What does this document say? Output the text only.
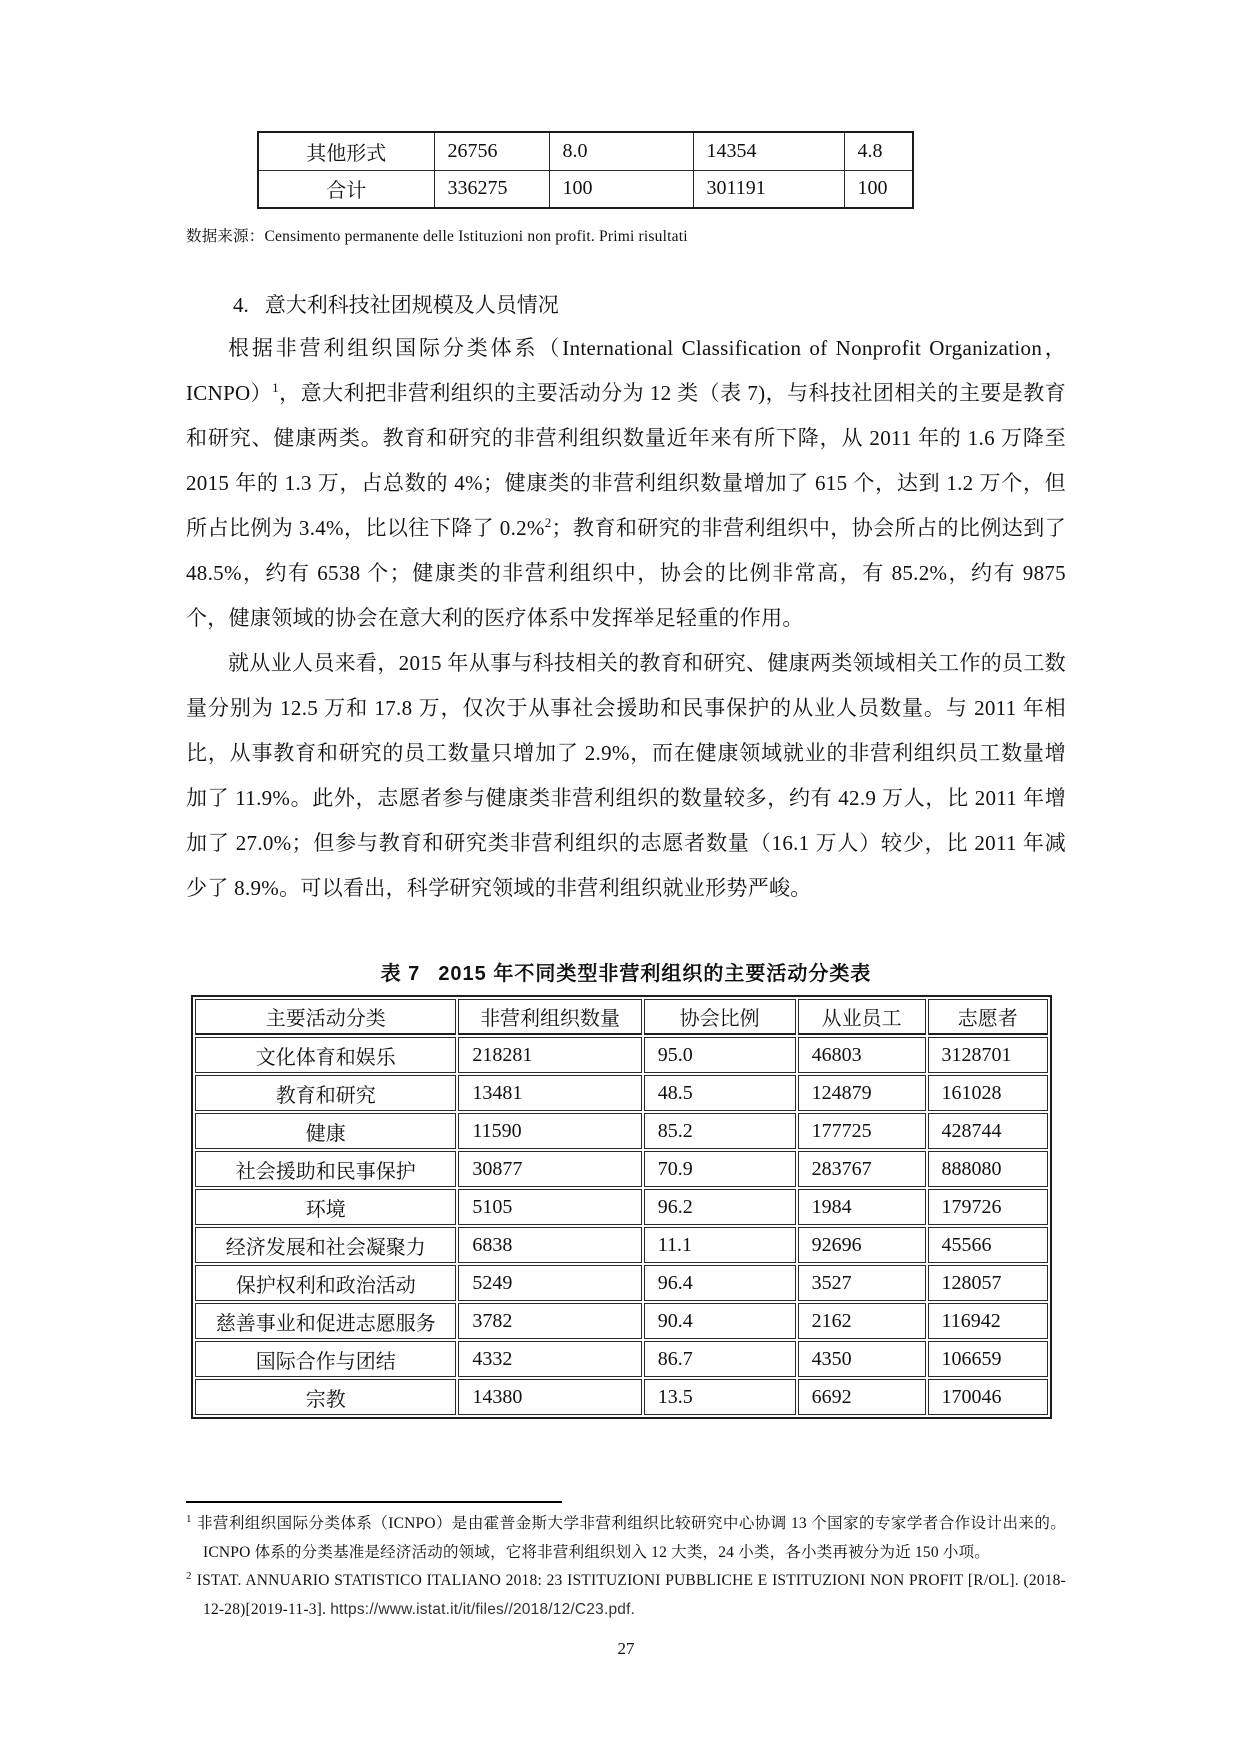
其他形式	26756	8.0	14354	4.8
合计	336275	100	301191	100
数据来源：Censimento permanente delle Istituzioni non profit. Primi risultati
4. 意大利科技社团规模及人员情况

根据非营利组织国际分类体系（International Classification of Nonprofit Organization，ICNPO）$^1$，意大利把非营利组织的主要活动分为 12 类（表 7)，与科技社团相关的主要是教育和研究、健康两类。教育和研究的非营利组织数量近年来有所下降，从 2011 年的 1.6 万降至 2015 年的 1.3 万，占总数的 4%；健康类的非营利组织数量增加了 615 个，达到 1.2 万个，但所占比例为 3.4%，比以往下降了 0.2%$^2$；教育和研究的非营利组织中，协会所占的比例达到了 48.5%，约有 6538 个；健康类的非营利组织中，协会的比例非常高，有 85.2%，约有 9875 个，健康领域的协会在意大利的医疗体系中发挥举足轻重的作用。

就从业人员来看，2015 年从事与科技相关的教育和研究、健康两类领域相关工作的员工数量分别为 12.5 万和 17.8 万，仅次于从事社会援助和民事保护的从业人员数量。与 2011 年相比，从事教育和研究的员工数量只增加了 2.9%，而在健康领域就业的非营利组织员工数量增加了 11.9%。此外，志愿者参与健康类非营利组织的数量较多，约有 42.9 万人，比 2011 年增加了 27.0%；但参与教育和研究类非营利组织的志愿者数量（16.1 万人）较少，比 2011 年减少了 8.9%。可以看出，科学研究领域的非营利组织就业形势严峻。

表 7 2015 年不同类型非营利组织的主要活动分类表
主要活动分类	非营利组织数量	协会比例	从业员工	志愿者
文化体育和娱乐	218281	95.0	46803	3128701
教育和研究	13481	48.5	124879	161028
健康	11590	85.2	177725	428744
社会援助和民事保护	30877	70.9	283767	888080
环境	5105	96.2	1984	179726
经济发展和社会凝聚力	6838	11.1	92696	45566
保护权利和政治活动	5249	96.4	3527	128057
慈善事业和促进志愿服务	3782	90.4	2162	116942
国际合作与团结	4332	86.7	4350	106659
宗教	14380	13.5	6692	170046
$^1$ 非营利组织国际分类体系（ICNPO）是由霍普金斯大学非营利组织比较研究中心协调 13 个国家的专家学者合作设计出来的。ICNPO 体系的分类基准是经济活动的领域，它将非营利组织划入 12 大类，24 小类，各小类再被分为近 150 小项。
$^2$ ISTAT. ANNUARIO STATISTICO ITALIANO 2018: 23 ISTITUZIONI PUBBLICHE E ISTITUZIONI NON PROFIT [R/OL]. (2018-12-28)[2019-11-3]. https://www.istat.it/it/files//2018/12/C23.pdf.
27
